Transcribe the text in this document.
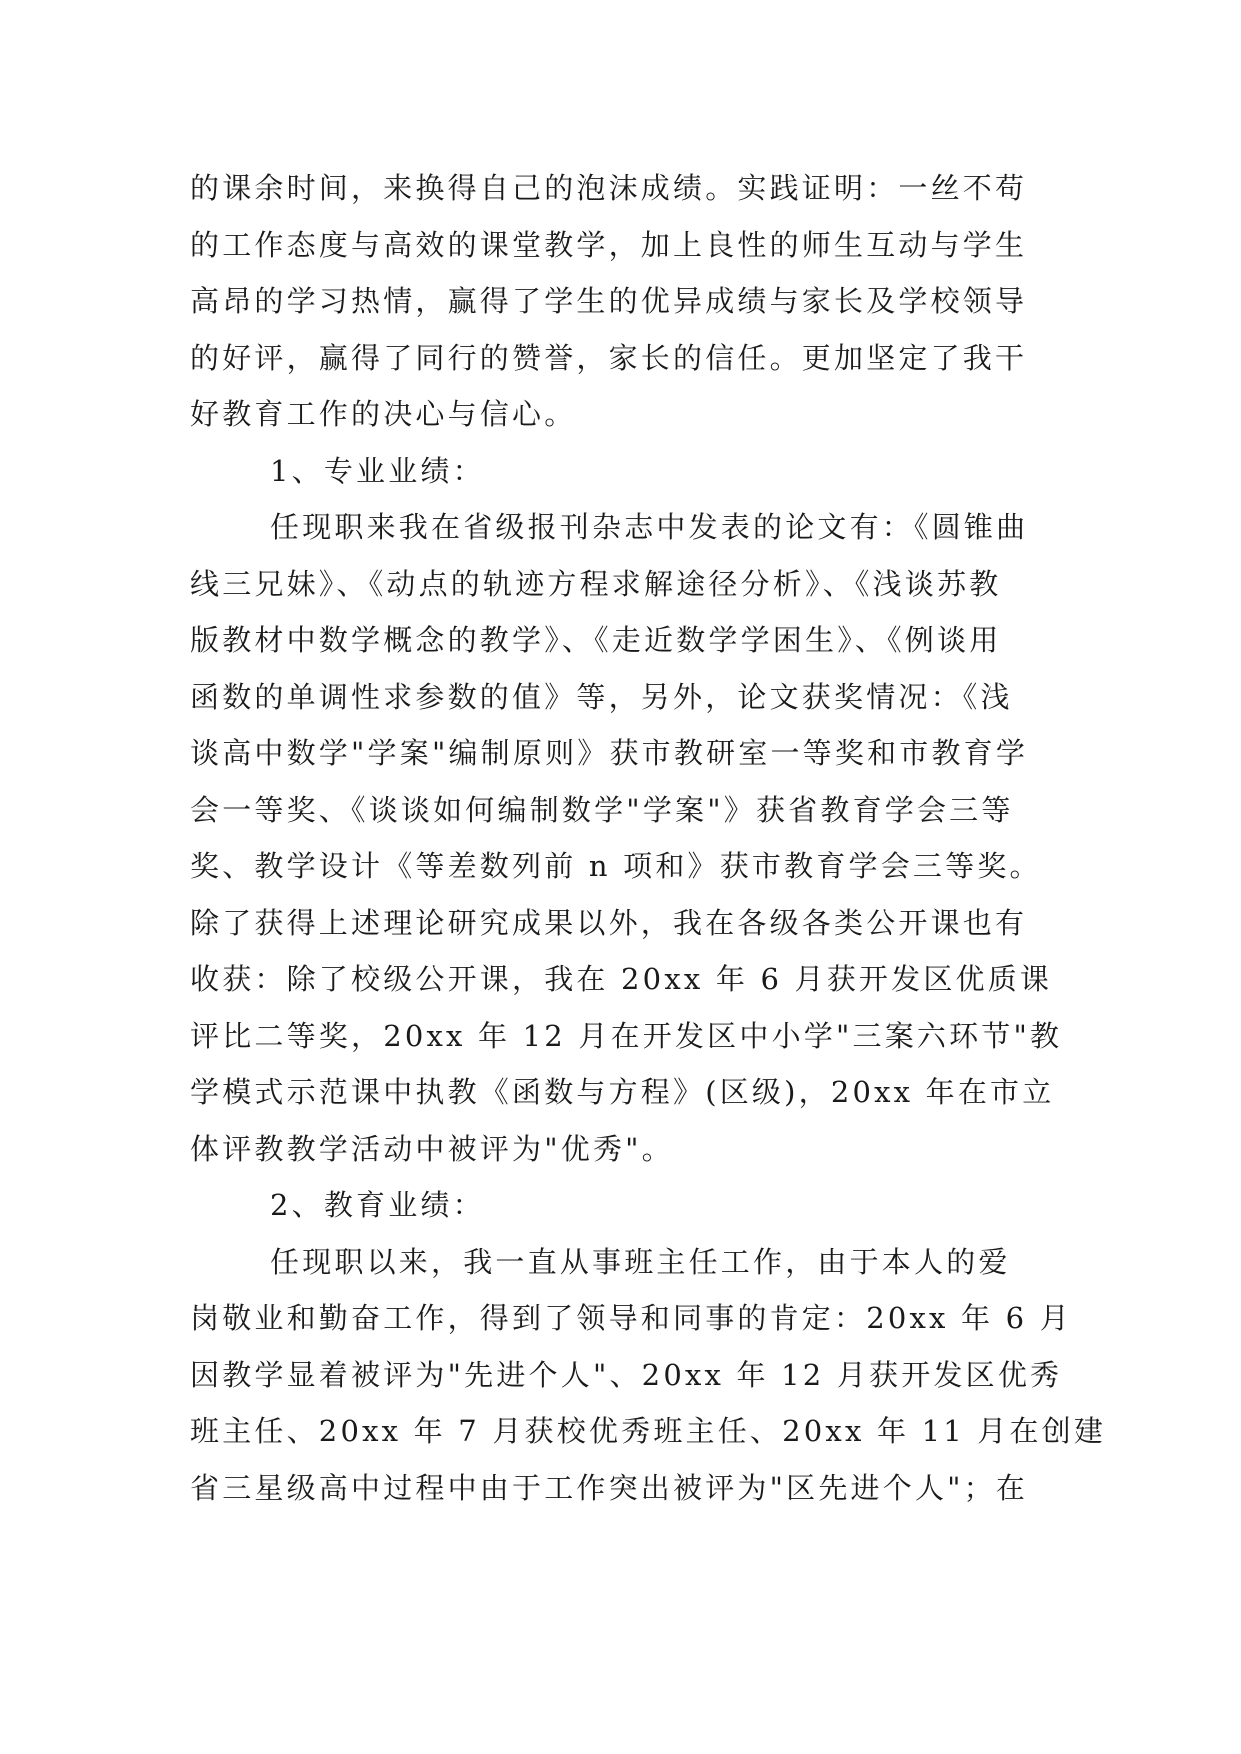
的课余时间，来换得自己的泡沫成绩。实践证明：一丝不苟
的工作态度与高效的课堂教学，加上良性的师生互动与学生
高昂的学习热情，赢得了学生的优异成绩与家长及学校领导
的好评，赢得了同行的赞誉，家长的信任。更加坚定了我干
好教育工作的决心与信心。
1、专业业绩：
任现职来我在省级报刊杂志中发表的论文有：《圆锥曲
线三兄妹》、《动点的轨迹方程求解途径分析》、《浅谈苏教
版教材中数学概念的教学》、《走近数学学困生》、《例谈用
函数的单调性求参数的值》等，另外，论文获奖情况：《浅
谈高中数学"学案"编制原则》获市教研室一等奖和市教育学
会一等奖、《谈谈如何编制数学"学案"》获省教育学会三等
奖、教学设计《等差数列前 n 项和》获市教育学会三等奖。
除了获得上述理论研究成果以外，我在各级各类公开课也有
收获：除了校级公开课，我在 20xx 年 6 月获开发区优质课
评比二等奖，20xx 年 12 月在开发区中小学"三案六环节"教
学模式示范课中执教《函数与方程》(区级)，20xx 年在市立
体评教教学活动中被评为"优秀"。
2、教育业绩：
任现职以来，我一直从事班主任工作，由于本人的爱
岗敬业和勤奋工作，得到了领导和同事的肯定：20xx 年 6 月
因教学显着被评为"先进个人"、20xx 年 12 月获开发区优秀
班主任、20xx 年 7 月获校优秀班主任、20xx 年 11 月在创建
省三星级高中过程中由于工作突出被评为"区先进个人"；在
